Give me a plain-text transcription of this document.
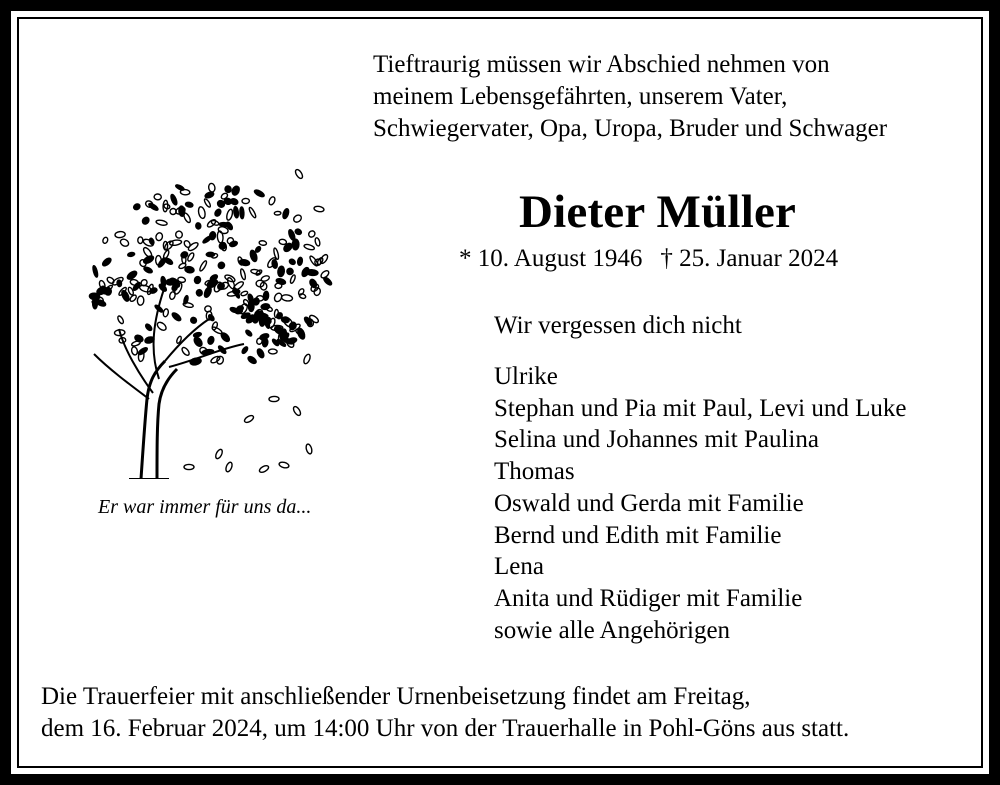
Tieftraurig müssen wir Abschied nehmen von
meinem Lebensgefährten, unserem Vater,
Schwiegervater, Opa, Uropa, Bruder und Schwager
Dieter Müller
* 10. August 1946 † 25. Januar 2024
Wir vergessen dich nicht
Ulrike
Stephan und Pia mit Paul, Levi und Luke
Selina und Johannes mit Paulina
Thomas
Oswald und Gerda mit Familie
Bernd und Edith mit Familie
Lena
Anita und Rüdiger mit Familie
sowie alle Angehörigen
Er war immer für uns da...
Die Trauerfeier mit anschließender Urnenbeisetzung findet am Freitag,
dem 16. Februar 2024, um 14:00 Uhr von der Trauerhalle in Pohl-Göns aus statt.
